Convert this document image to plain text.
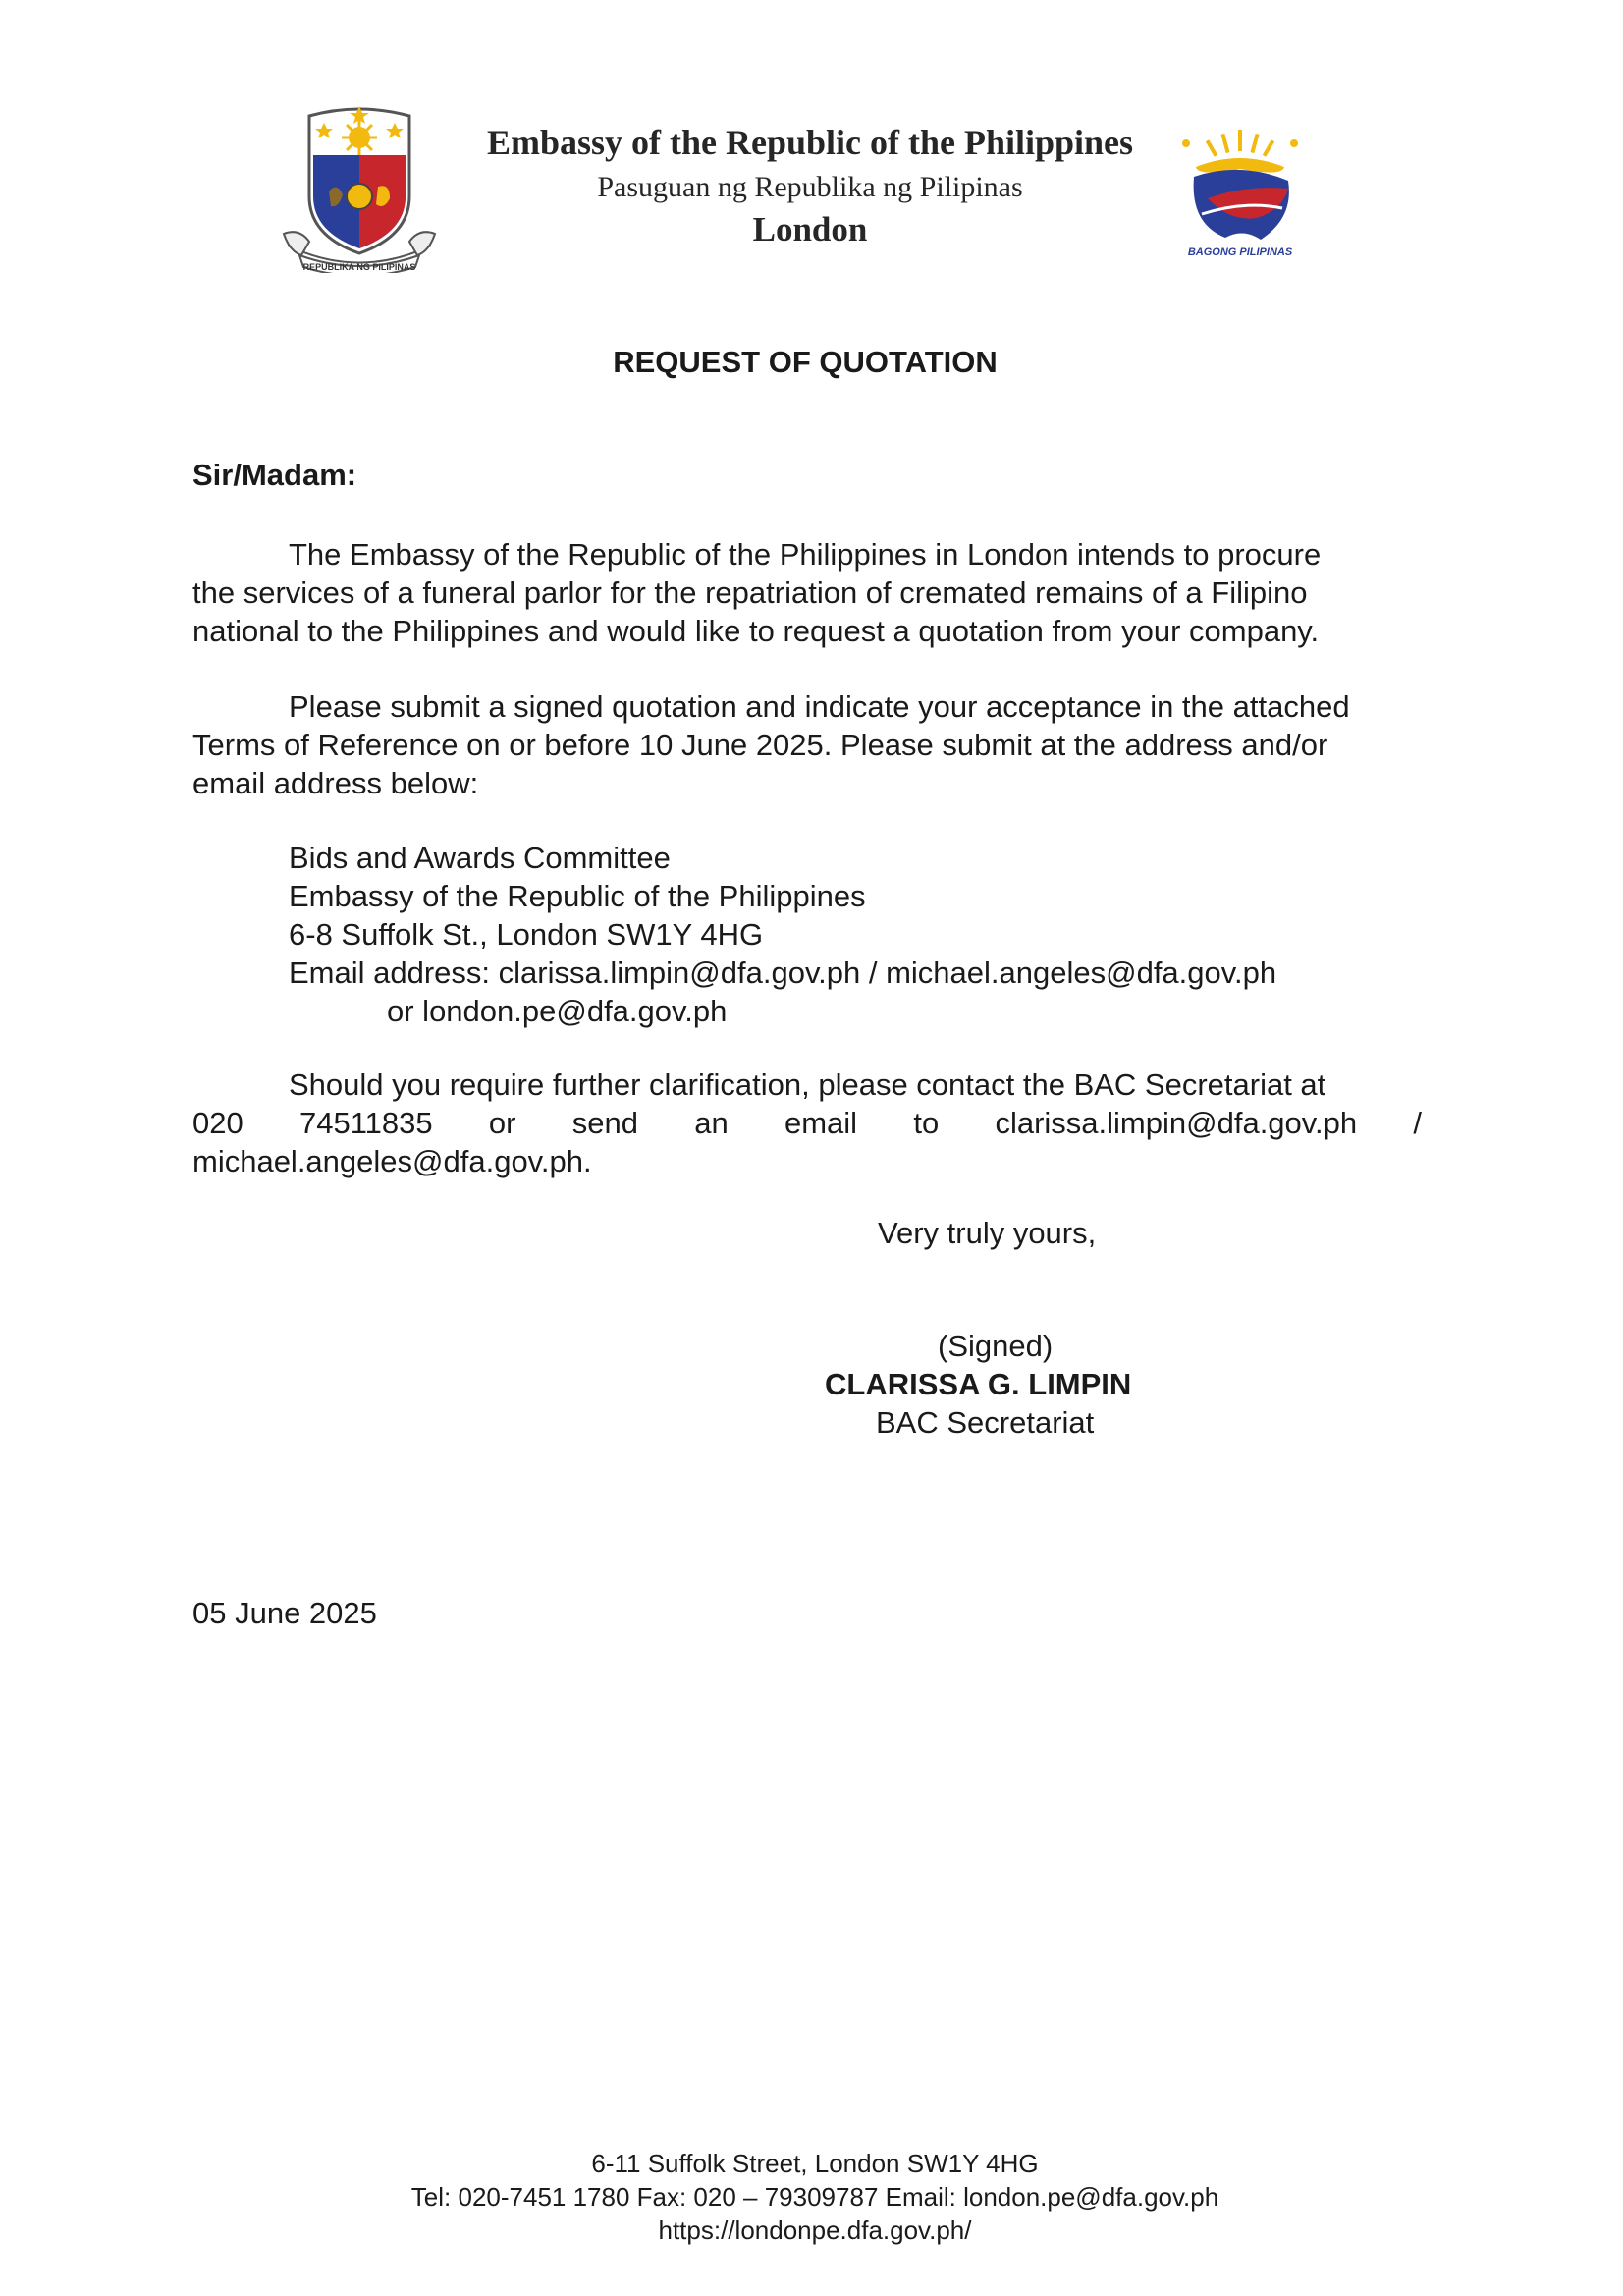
REPUBLIKA NG PILIPINAS
Embassy of the Republic of the Philippines
Pasuguan ng Republika ng Pilipinas
London
BAGONG PILIPINAS
REQUEST OF QUOTATION
Sir/Madam:
The Embassy of the Republic of the Philippines in London intends to procure
the services of a funeral parlor for the repatriation of cremated remains of a Filipino
national to the Philippines and would like to request a quotation from your company.
Please submit a signed quotation and indicate your acceptance in the attached
Terms of Reference on or before 10 June 2025. Please submit at the address and/or
email address below:
Bids and Awards Committee
Embassy of the Republic of the Philippines
6-8 Suffolk St., London SW1Y 4HG
Email address: clarissa.limpin@dfa.gov.ph / michael.angeles@dfa.gov.ph
or london.pe@dfa.gov.ph
Should you require further clarification, please contact the BAC Secretariat at
020 74511835 or send an email to clarissa.limpin@dfa.gov.ph /
michael.angeles@dfa.gov.ph.
Very truly yours,
(Signed)
CLARISSA G. LIMPIN
BAC Secretariat
05 June 2025
6-11 Suffolk Street, London SW1Y 4HG
Tel: 020-7451 1780 Fax: 020 – 79309787 Email: london.pe@dfa.gov.ph
https://londonpe.dfa.gov.ph/
